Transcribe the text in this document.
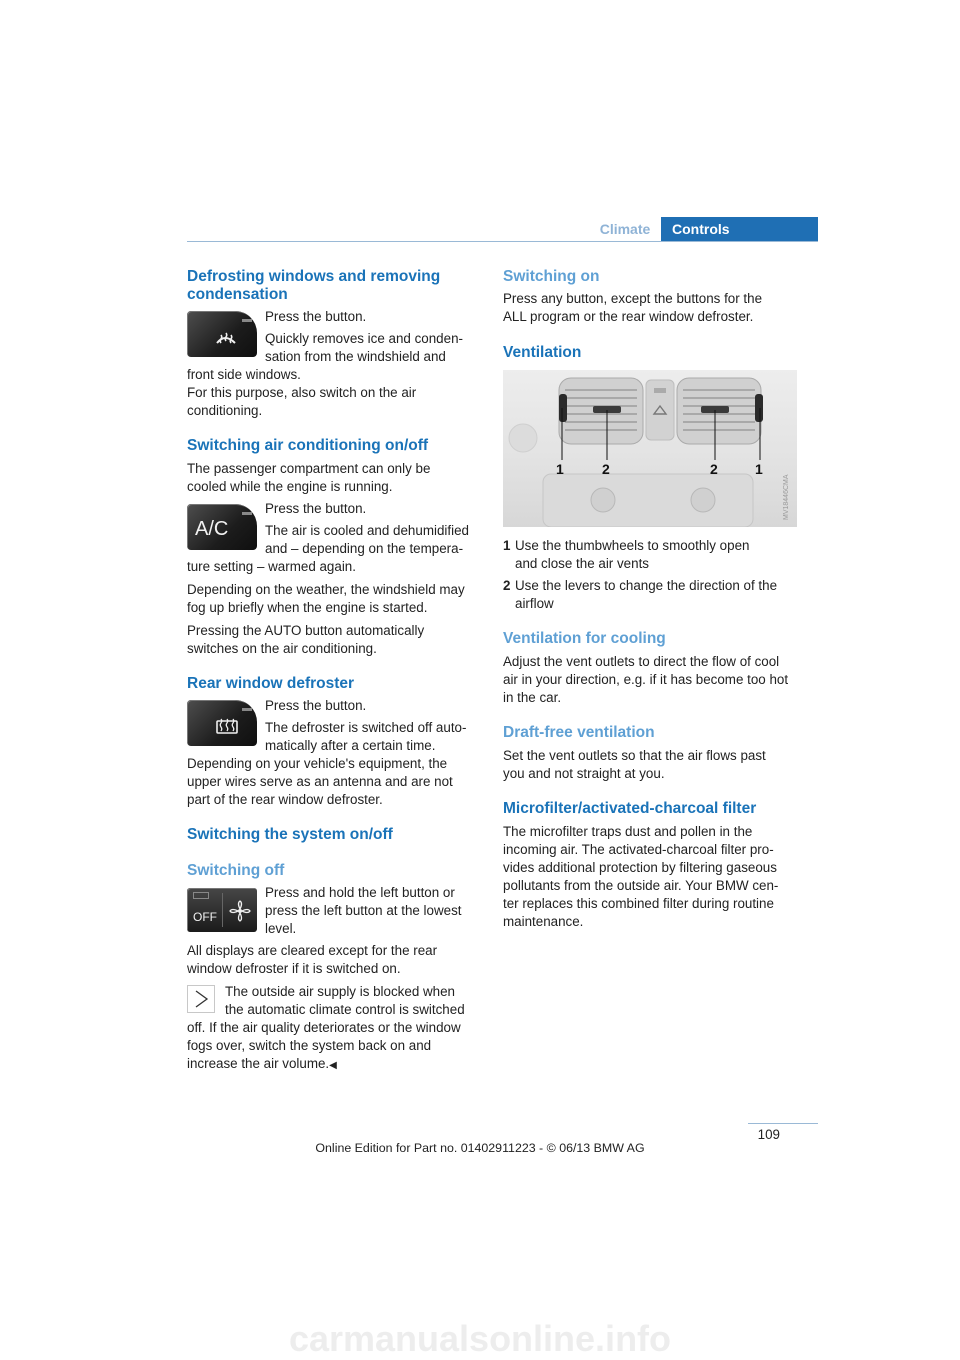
Climate	Controls

Defrosting windows and removing condensation

Press the button.

Quickly removes ice and conden-

sation from the windshield and

front side windows.

For this purpose, also switch on the air

conditioning.

Switching air conditioning on/off

The passenger compartment can only be

cooled while the engine is running.

A/C

Press the button.

The air is cooled and dehumidified

and – depending on the tempera-

ture setting – warmed again.

Depending on the weather, the windshield may

fog up briefly when the engine is started.

Pressing the AUTO button automatically

switches on the air conditioning.

Rear window defroster

Press the button.

The defroster is switched off auto-

matically after a certain time.

Depending on your vehicle's equipment, the

upper wires serve as an antenna and are not

part of the rear window defroster.

Switching the system on/off

Switching off

OFF

Press and hold the left button or

press the left button at the lowest

level.

All displays are cleared except for the rear

window defroster if it is switched on.

The outside air supply is blocked when

the automatic climate control is switched

off. If the air quality deteriorates or the window

fogs over, switch the system back on and

increase the air volume.◀

Switching on

Press any button, except the buttons for the

ALL program or the rear window defroster.

Ventilation

1	2	2	1
MV18446CMA
1 Use the thumbwheels to smoothly open

and close the air vents

2 Use the levers to change the direction of the

airflow

Ventilation for cooling

Adjust the vent outlets to direct the flow of cool

air in your direction, e.g. if it has become too hot

in the car.

Draft-free ventilation

Set the vent outlets so that the air flows past

you and not straight at you.

Microfilter/activated-charcoal filter

The microfilter traps dust and pollen in the

incoming air. The activated-charcoal filter pro-

vides additional protection by filtering gaseous

pollutants from the outside air. Your BMW cen-

ter replaces this combined filter during routine

maintenance.

109
Online Edition for Part no. 01402911223 - © 06/13 BMW AG
carmanualsonline.info
